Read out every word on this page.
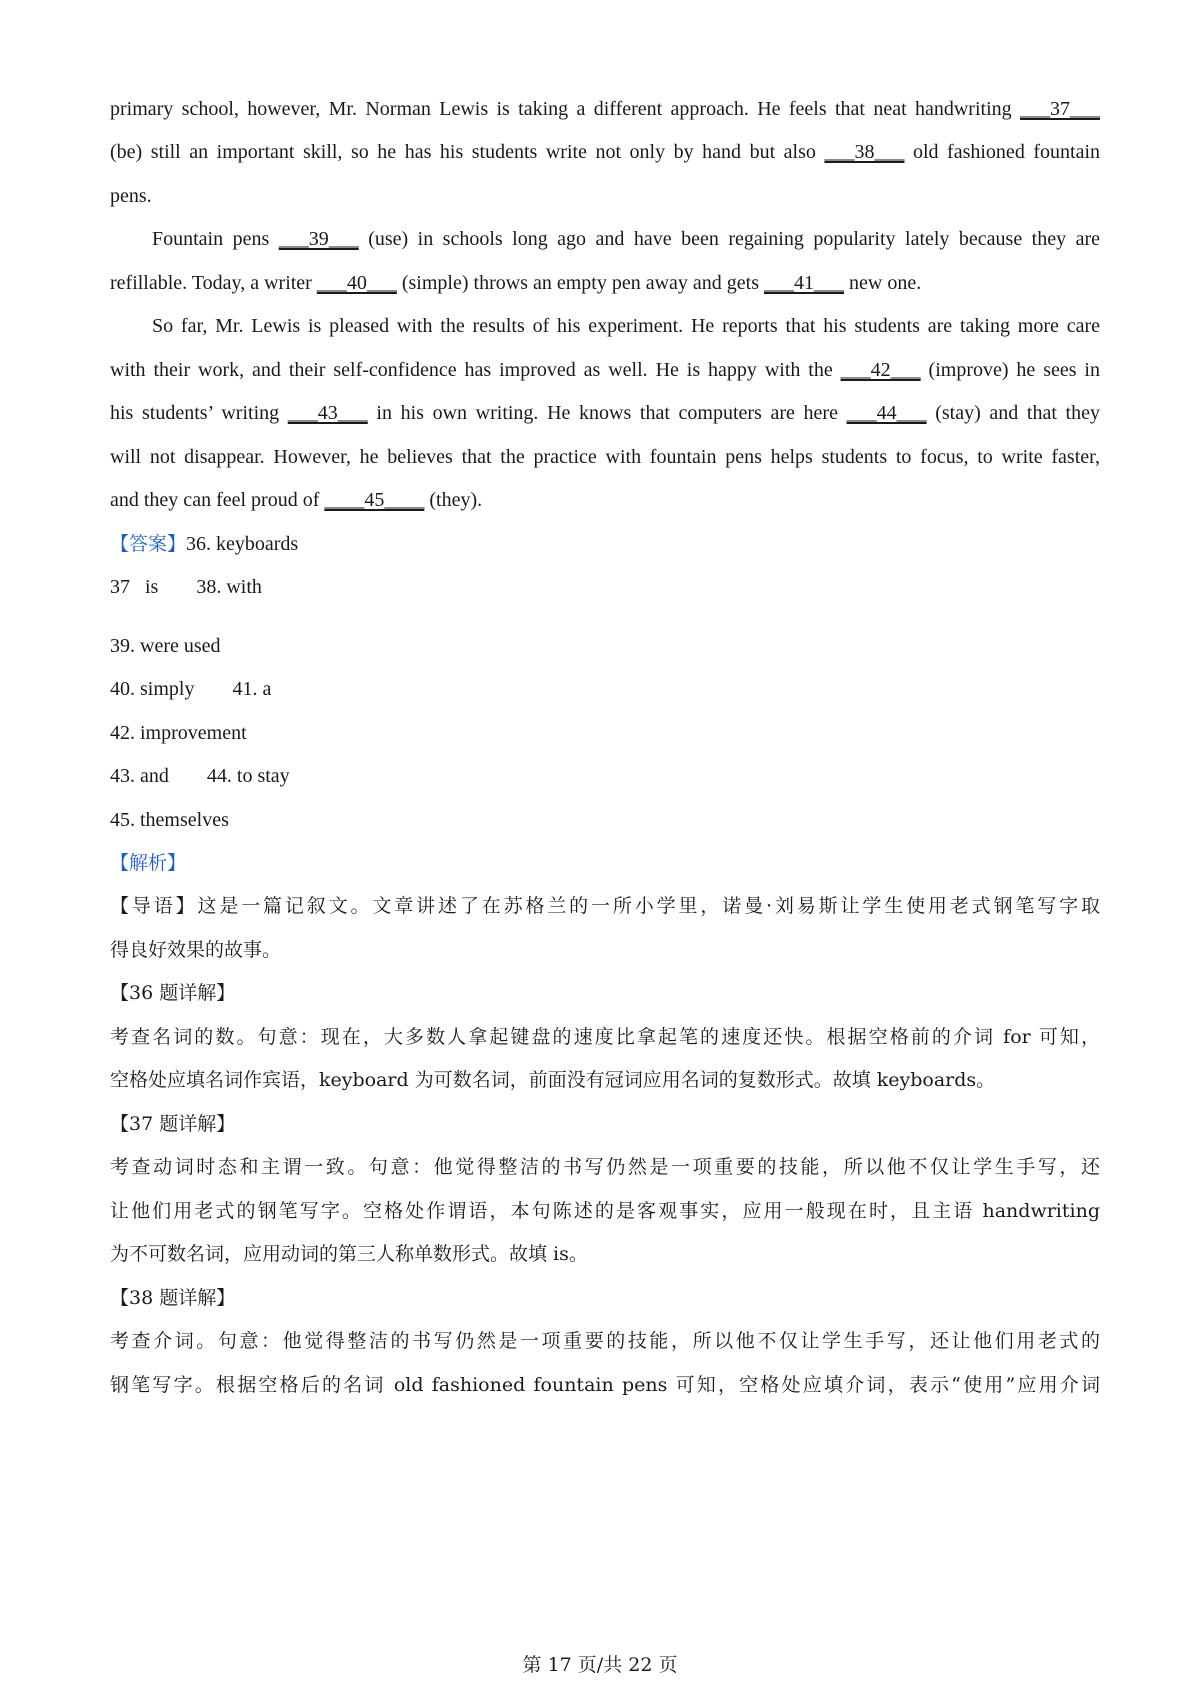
primary school, however, Mr. Norman Lewis is taking a different approach. He feels that neat handwriting ___37___
(be) still an important skill, so he has his students write not only by hand but also ___38___ old fashioned fountain
pens.
Fountain pens ___39___ (use) in schools long ago and have been regaining popularity lately because they are
refillable. Today, a writer ___40___ (simple) throws an empty pen away and gets ___41___ new one.
So far, Mr. Lewis is pleased with the results of his experiment. He reports that his students are taking more care
with their work, and their self-confidence has improved as well. He is happy with the ___42___ (improve) he sees in
his students’ writing ___43___ in his own writing. He knows that computers are here ___44___ (stay) and that they
will not disappear. However, he believes that the practice with fountain pens helps students to focus, to write faster,
and they can feel proud of ____45____ (they).
【答案】36. keyboards
37   is 38. with
39. were used
40. simply 41. a
42. improvement
43. and 44. to stay
45. themselves
【解析】
【导语】这是一篇记叙文。文章讲述了在苏格兰的一所小学里，诺曼·刘易斯让学生使用老式钢笔写字取
得良好效果的故事。
【36 题详解】
考查名词的数。句意：现在，大多数人拿起键盘的速度比拿起笔的速度还快。根据空格前的介词 for 可知，
空格处应填名词作宾语，keyboard 为可数名词，前面没有冠词应用名词的复数形式。故填 keyboards。
【37 题详解】
考查动词时态和主谓一致。句意：他觉得整洁的书写仍然是一项重要的技能，所以他不仅让学生手写，还
让他们用老式的钢笔写字。空格处作谓语，本句陈述的是客观事实，应用一般现在时，且主语 handwriting
为不可数名词，应用动词的第三人称单数形式。故填 is。
【38 题详解】
考查介词。句意：他觉得整洁的书写仍然是一项重要的技能，所以他不仅让学生手写，还让他们用老式的
钢笔写字。根据空格后的名词 old fashioned fountain pens 可知，空格处应填介词，表示“使用”应用介词
第 17 页/共 22 页
